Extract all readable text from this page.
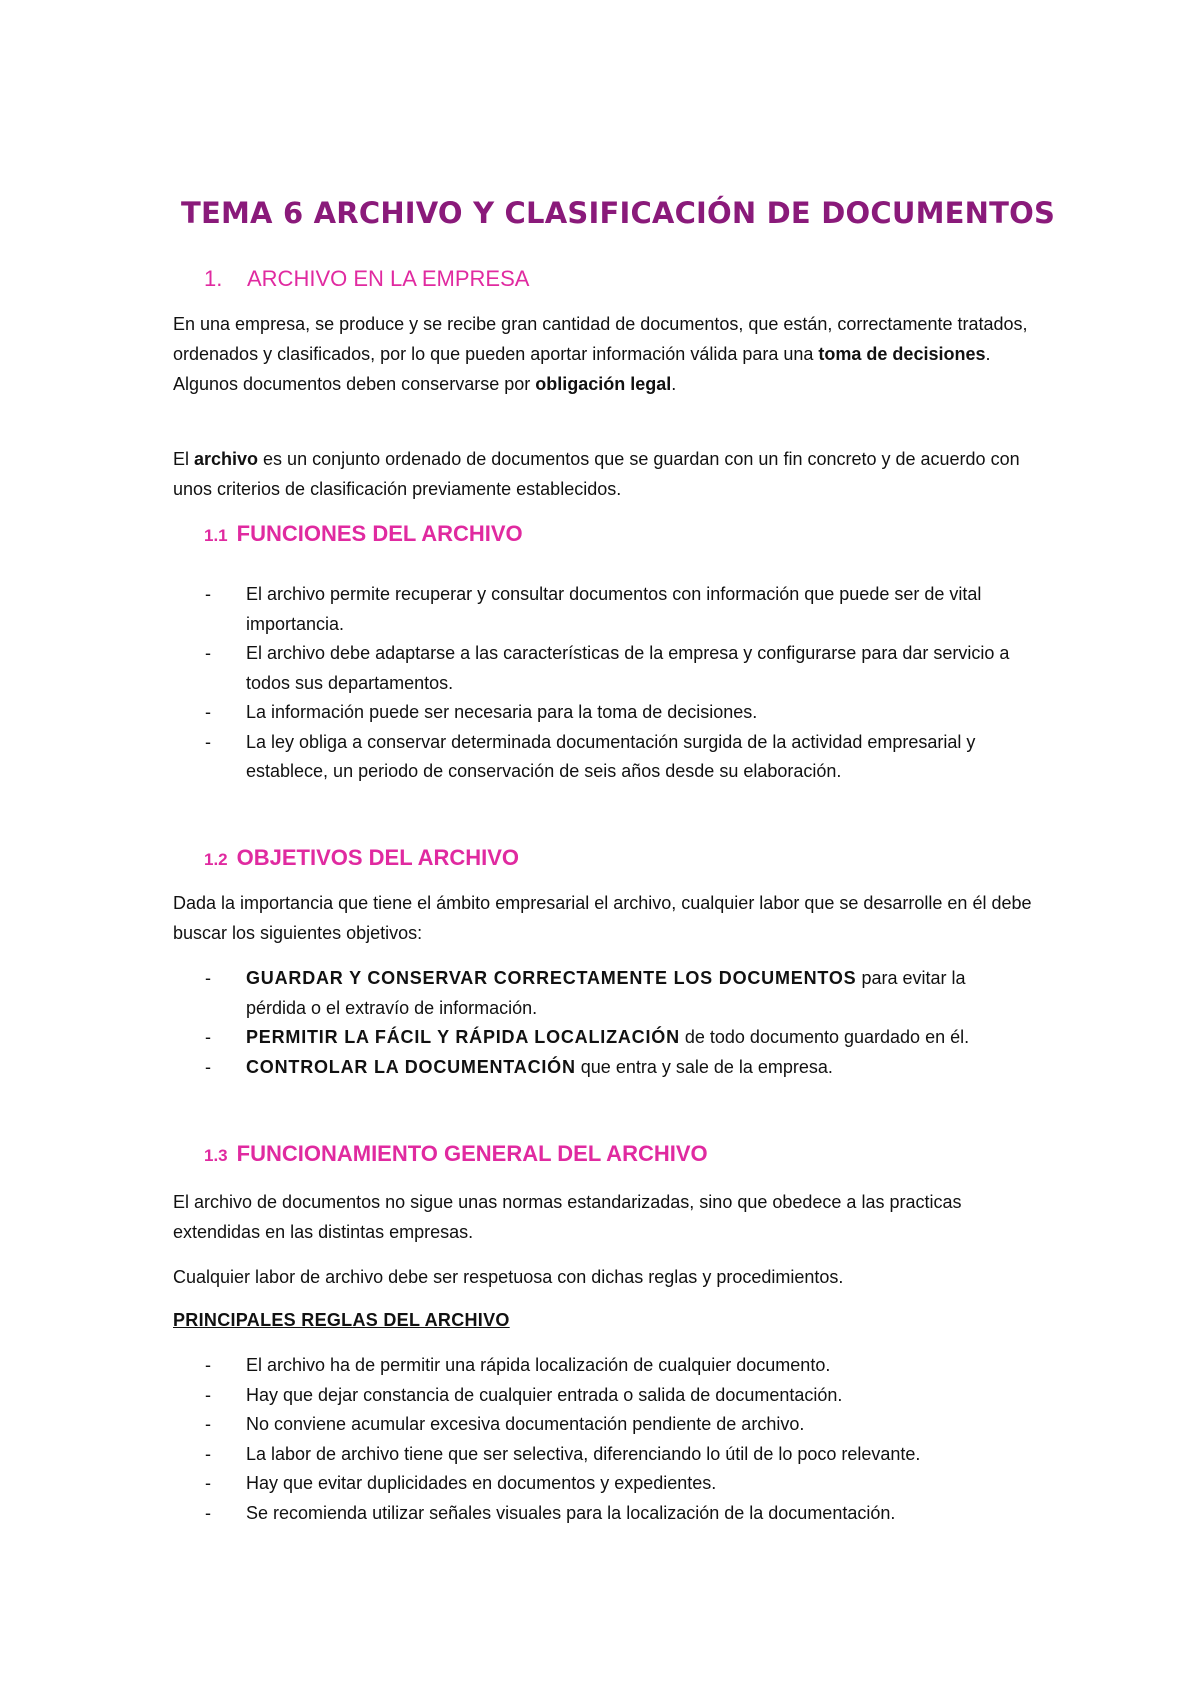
TEMA 6 ARCHIVO Y CLASIFICACIÓN DE DOCUMENTOS
1. ARCHIVO EN LA EMPRESA

En una empresa, se produce y se recibe gran cantidad de documentos, que están, correctamente tratados, ordenados y clasificados, por lo que pueden aportar información válida para una toma de decisiones. Algunos documentos deben conservarse por obligación legal.

El archivo es un conjunto ordenado de documentos que se guardan con un fin concreto y de acuerdo con unos criterios de clasificación previamente establecidos.

1.1 FUNCIONES DEL ARCHIVO
- El archivo permite recuperar y consultar documentos con información que puede ser de vital importancia.
- El archivo debe adaptarse a las características de la empresa y configurarse para dar servicio a todos sus departamentos.
- La información puede ser necesaria para la toma de decisiones.
- La ley obliga a conservar determinada documentación surgida de la actividad empresarial y establece, un periodo de conservación de seis años desde su elaboración.
1.2 OBJETIVOS DEL ARCHIVO

Dada la importancia que tiene el ámbito empresarial el archivo, cualquier labor que se desarrolle en él debe buscar los siguientes objetivos:

- GUARDAR Y CONSERVAR CORRECTAMENTE LOS DOCUMENTOS para evitar la pérdida o el extravío de información.
- PERMITIR LA FÁCIL Y RÁPIDA LOCALIZACIÓN de todo documento guardado en él.
- CONTROLAR LA DOCUMENTACIÓN que entra y sale de la empresa.
1.3 FUNCIONAMIENTO GENERAL DEL ARCHIVO

El archivo de documentos no sigue unas normas estandarizadas, sino que obedece a las practicas extendidas en las distintas empresas.

Cualquier labor de archivo debe ser respetuosa con dichas reglas y procedimientos.

PRINCIPALES REGLAS DEL ARCHIVO
- El archivo ha de permitir una rápida localización de cualquier documento.
- Hay que dejar constancia de cualquier entrada o salida de documentación.
- No conviene acumular excesiva documentación pendiente de archivo.
- La labor de archivo tiene que ser selectiva, diferenciando lo útil de lo poco relevante.
- Hay que evitar duplicidades en documentos y expedientes.
- Se recomienda utilizar señales visuales para la localización de la documentación.
